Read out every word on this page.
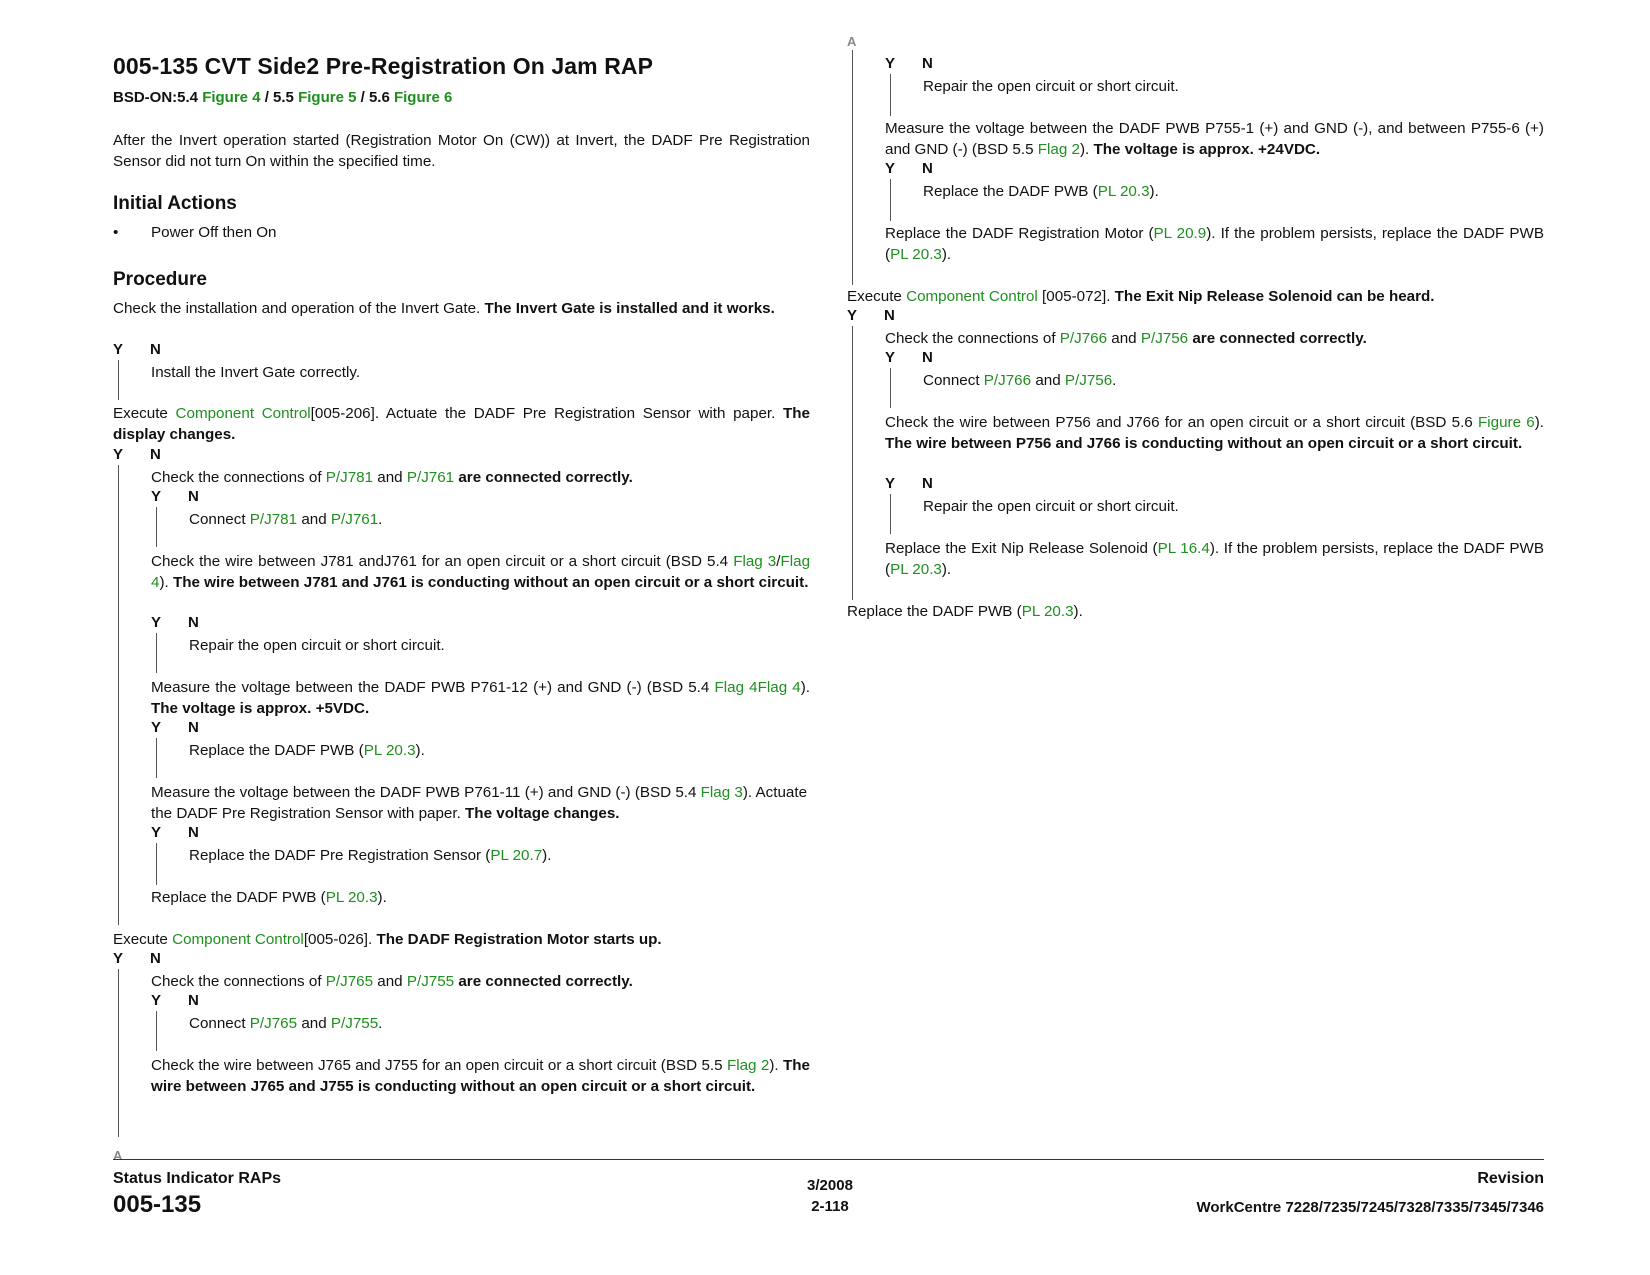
005-135 CVT Side2 Pre-Registration On Jam RAP
BSD-ON:5.4 Figure 4 / 5.5 Figure 5 / 5.6 Figure 6

After the Invert operation started (Registration Motor On (CW)) at Invert, the DADF Pre Registration Sensor did not turn On within the specified time.

Initial Actions
• Power Off then On
Procedure

Check the installation and operation of the Invert Gate. The Invert Gate is installed and it works.

Y N

Install the Invert Gate correctly.

Execute Component Control[005-206]. Actuate the DADF Pre Registration Sensor with paper. The display changes.

Y N

Check the connections of P/J781 and P/J761 are connected correctly.

Y N

Connect P/J781 and P/J761.

Check the wire between J781 andJ761 for an open circuit or a short circuit (BSD 5.4 Flag 3/Flag 4). The wire between J781 and J761 is conducting without an open circuit or a short circuit.

Y N

Repair the open circuit or short circuit.

Measure the voltage between the DADF PWB P761-12 (+) and GND (-) (BSD 5.4 Flag 4Flag 4). The voltage is approx. +5VDC.

Y N

Replace the DADF PWB (PL 20.3).

Measure the voltage between the DADF PWB P761-11 (+) and GND (-) (BSD 5.4 Flag 3). Actuate the DADF Pre Registration Sensor with paper. The voltage changes.

Y N

Replace the DADF Pre Registration Sensor (PL 20.7).

Replace the DADF PWB (PL 20.3).

Execute Component Control[005-026]. The DADF Registration Motor starts up.

Y N

Check the connections of P/J765 and P/J755 are connected correctly.

Y N

Connect P/J765 and P/J755.

Check the wire between J765 and J755 for an open circuit or a short circuit (BSD 5.5 Flag 2). The wire between J765 and J755 is conducting without an open circuit or a short circuit.

A
A
Y N

Repair the open circuit or short circuit.

Measure the voltage between the DADF PWB P755-1 (+) and GND (-), and between P755-6 (+) and GND (-) (BSD 5.5 Flag 2). The voltage is approx. +24VDC.

Y N

Replace the DADF PWB (PL 20.3).

Replace the DADF Registration Motor (PL 20.9). If the problem persists, replace the DADF PWB (PL 20.3).

Execute Component Control [005-072]. The Exit Nip Release Solenoid can be heard.

Y N

Check the connections of P/J766 and P/J756 are connected correctly.

Y N

Connect P/J766 and P/J756.

Check the wire between P756 and J766 for an open circuit or a short circuit (BSD 5.6 Figure 6). The wire between P756 and J766 is conducting without an open circuit or a short circuit.

Y N

Repair the open circuit or short circuit.

Replace the Exit Nip Release Solenoid (PL 16.4). If the problem persists, replace the DADF PWB (PL 20.3).

Replace the DADF PWB (PL 20.3).

Status Indicator RAPs
005-135
3/2008
2-118
Revision
WorkCentre 7228/7235/7245/7328/7335/7345/7346
